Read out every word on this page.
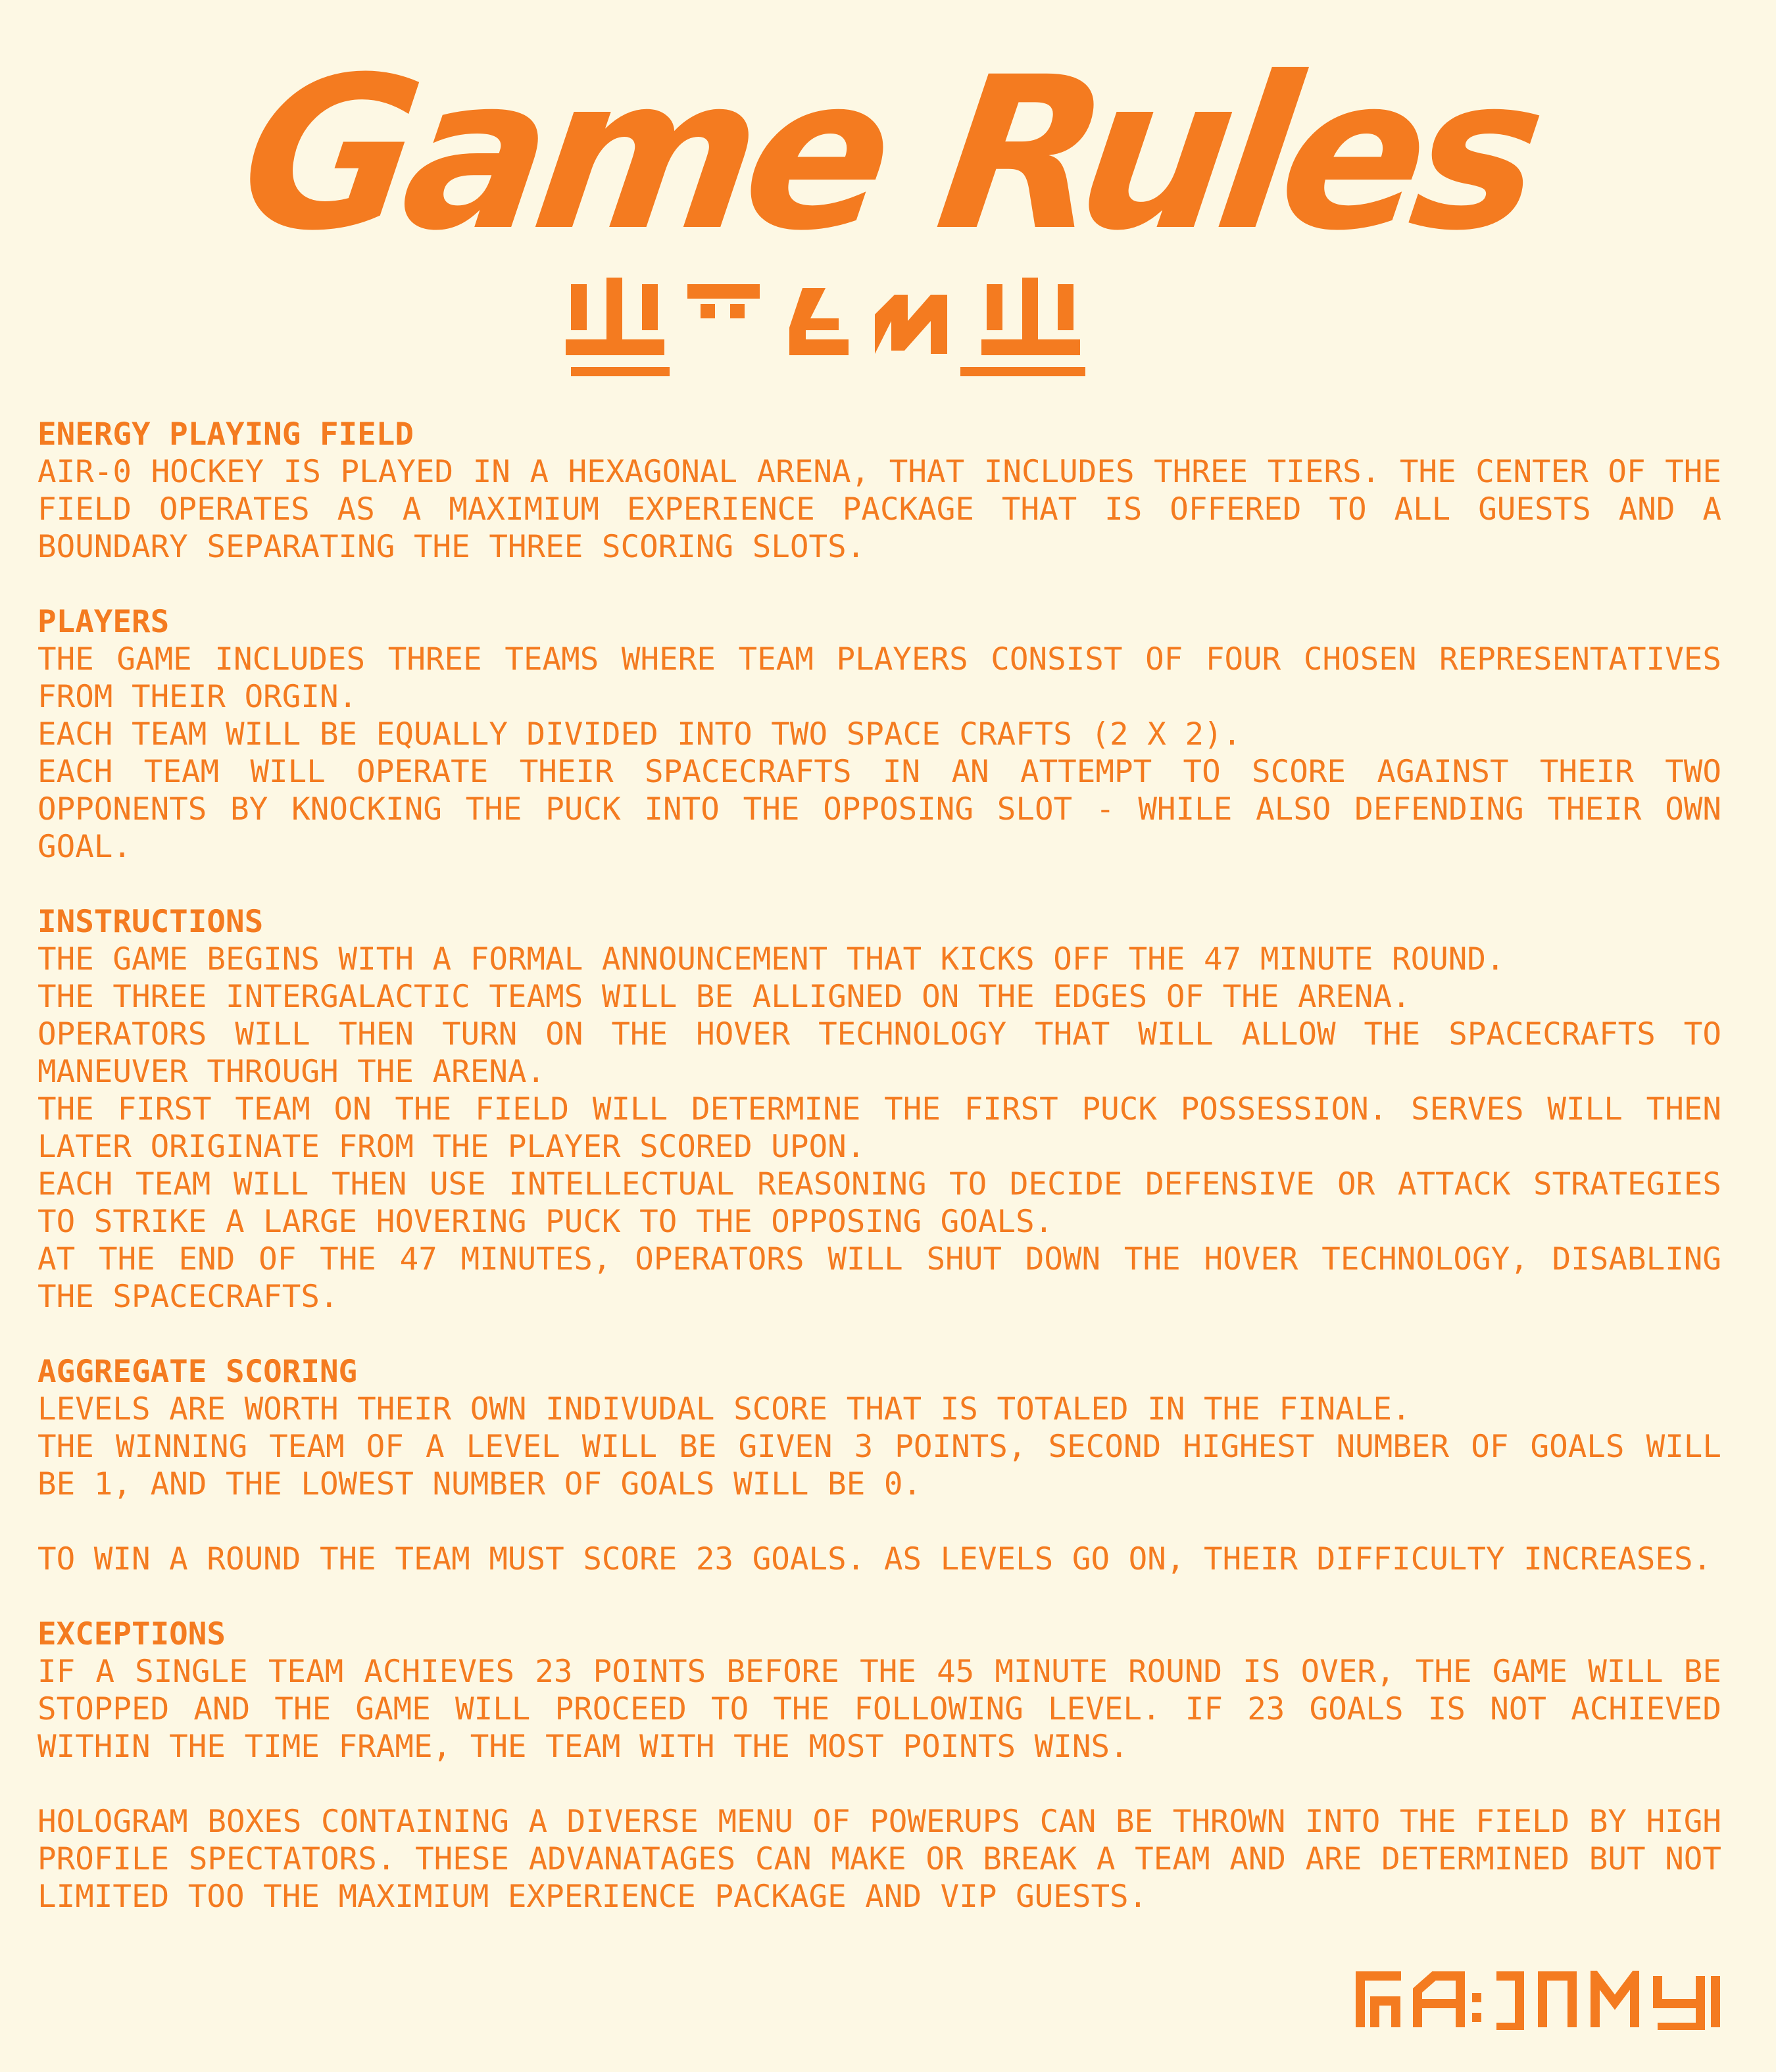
Game Rules
ENERGY PLAYING FIELD
AIR-0 HOCKEY IS PLAYED IN A HEXAGONAL ARENA, THAT INCLUDES THREE TIERS. THE CENTER OF THE FIELD OPERATES AS A MAXIMIUM EXPERIENCE PACKAGE THAT IS OFFERED TO ALL GUESTS AND A BOUNDARY SEPARATING THE THREE SCORING SLOTS.
PLAYERS
THE GAME INCLUDES THREE TEAMS WHERE TEAM PLAYERS CONSIST OF FOUR CHOSEN REPRESENTATIVES FROM THEIR ORGIN.
EACH TEAM WILL BE EQUALLY DIVIDED INTO TWO SPACE CRAFTS (2 X 2).
EACH TEAM WILL OPERATE THEIR SPACECRAFTS IN AN ATTEMPT TO SCORE AGAINST THEIR TWO OPPONENTS BY KNOCKING THE PUCK INTO THE OPPOSING SLOT - WHILE ALSO DEFENDING THEIR OWN GOAL.
INSTRUCTIONS
THE GAME BEGINS WITH A FORMAL ANNOUNCEMENT THAT KICKS OFF THE 47 MINUTE ROUND.
THE THREE INTERGALACTIC TEAMS WILL BE ALLIGNED ON THE EDGES OF THE ARENA.
OPERATORS WILL THEN TURN ON THE HOVER TECHNOLOGY THAT WILL ALLOW THE SPACECRAFTS TO MANEUVER THROUGH THE ARENA.
THE FIRST TEAM ON THE FIELD WILL DETERMINE THE FIRST PUCK POSSESSION. SERVES WILL THEN LATER ORIGINATE FROM THE PLAYER SCORED UPON.
EACH TEAM WILL THEN USE INTELLECTUAL REASONING TO DECIDE DEFENSIVE OR ATTACK STRATEGIES TO STRIKE A LARGE HOVERING PUCK TO THE OPPOSING GOALS.
AT THE END OF THE 47 MINUTES, OPERATORS WILL SHUT DOWN THE HOVER TECHNOLOGY, DISABLING THE SPACECRAFTS.
AGGREGATE SCORING
LEVELS ARE WORTH THEIR OWN INDIVUDAL SCORE THAT IS TOTALED IN THE FINALE.
THE WINNING TEAM OF A LEVEL WILL BE GIVEN 3 POINTS, SECOND HIGHEST NUMBER OF GOALS WILL BE 1, AND THE LOWEST NUMBER OF GOALS WILL BE 0.
TO WIN A ROUND THE TEAM MUST SCORE 23 GOALS. AS LEVELS GO ON, THEIR DIFFICULTY INCREASES.
EXCEPTIONS
IF A SINGLE TEAM ACHIEVES 23 POINTS BEFORE THE 45 MINUTE ROUND IS OVER, THE GAME WILL BE STOPPED AND THE GAME WILL PROCEED TO THE FOLLOWING LEVEL. IF 23 GOALS IS NOT ACHIEVED WITHIN THE TIME FRAME, THE TEAM WITH THE MOST POINTS WINS.
HOLOGRAM BOXES CONTAINING A DIVERSE MENU OF POWERUPS CAN BE THROWN INTO THE FIELD BY HIGH PROFILE SPECTATORS. THESE ADVANATAGES CAN MAKE OR BREAK A TEAM AND ARE DETERMINED BUT NOT LIMITED TOO THE MAXIMIUM EXPERIENCE PACKAGE AND VIP GUESTS.
